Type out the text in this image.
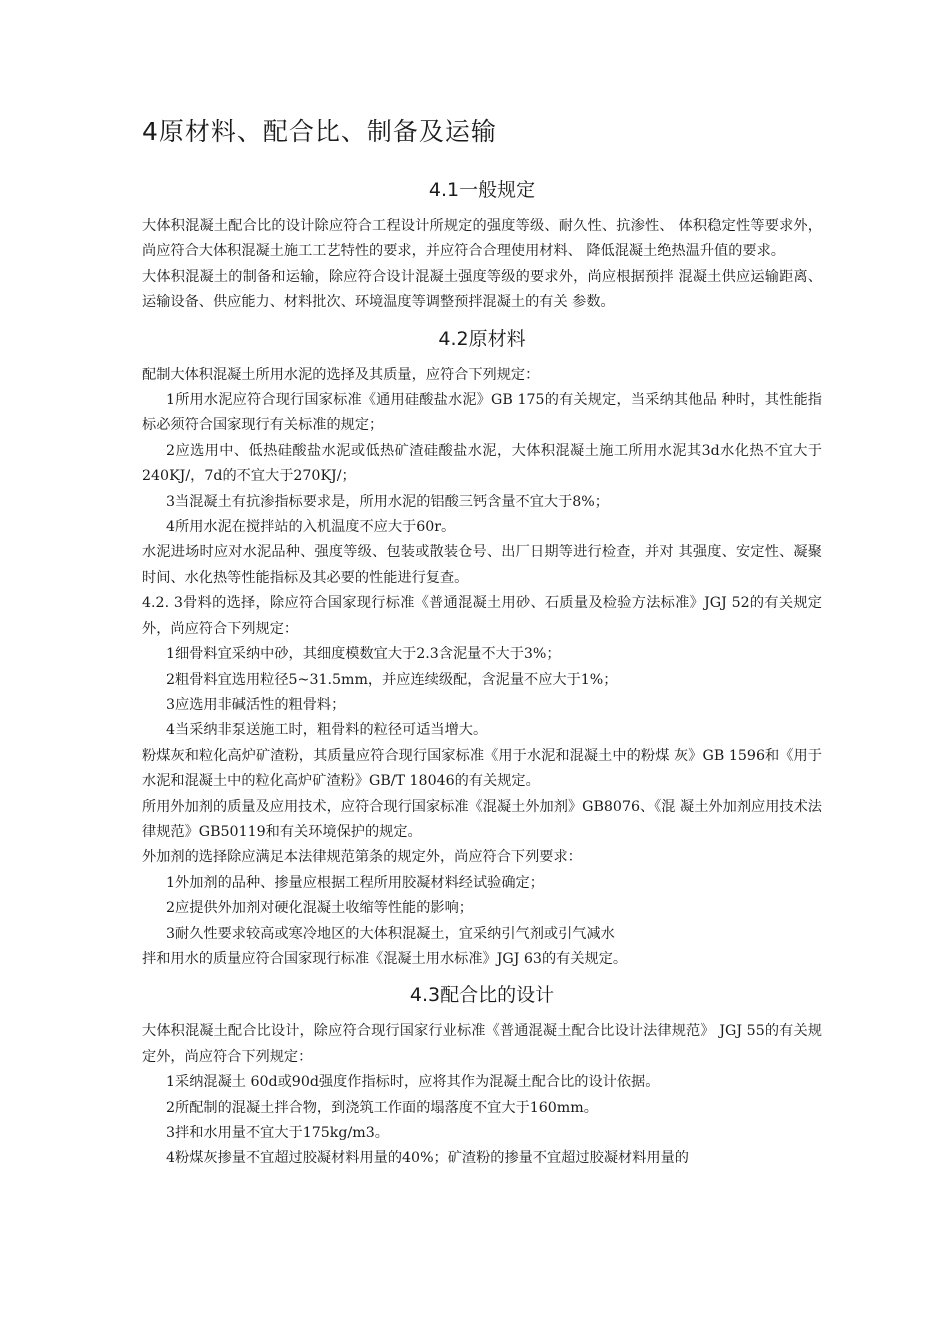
4原材料、配合比、制备及运输
4.1一般规定

大体积混凝土配合比的设计除应符合工程设计所规定的强度等级、耐久性、抗渗性、 体积稳定性等要求外，尚应符合大体积混凝土施工工艺特性的要求，并应符合合理使用材料、 降低混凝土绝热温升值的要求。

大体积混凝土的制备和运输，除应符合设计混凝土强度等级的要求外，尚应根据预拌 混凝土供应运输距离、运输设备、供应能力、材料批次、环境温度等调整预拌混凝土的有关 参数。

4.2原材料

配制大体积混凝土所用水泥的选择及其质量，应符合下列规定：

1所用水泥应符合现行国家标准《通用硅酸盐水泥》GB 175的有关规定，当采纳其他品 种时，其性能指标必须符合国家现行有关标准的规定；

2应选用中、低热硅酸盐水泥或低热矿渣硅酸盐水泥，大体积混凝土施工所用水泥其3d水化热不宜大于240KJ/，7d的不宜大于270KJ/；

3当混凝土有抗渗指标要求是，所用水泥的铝酸三钙含量不宜大于8%；

4所用水泥在搅拌站的入机温度不应大于60r。

水泥进场时应对水泥品种、强度等级、包装或散装仓号、出厂日期等进行检查，并对 其强度、安定性、凝聚时间、水化热等性能指标及其必要的性能进行复查。

4.2. 3骨料的选择，除应符合国家现行标准《普通混凝土用砂、石质量及检验方法标准》JGJ 52的有关规定外，尚应符合下列规定：

1细骨料宜采纳中砂，其细度模数宜大于2.3含泥量不大于3%；

2粗骨料宜选用粒径5~31.5mm，并应连续级配，含泥量不应大于1%；

3应选用非碱活性的粗骨料；

4当采纳非泵送施工时，粗骨料的粒径可适当增大。

粉煤灰和粒化高炉矿渣粉，其质量应符合现行国家标准《用于水泥和混凝土中的粉煤 灰》GB 1596和《用于水泥和混凝土中的粒化高炉矿渣粉》GB/T 18046的有关规定。

所用外加剂的质量及应用技术，应符合现行国家标准《混凝土外加剂》GB8076、《混 凝土外加剂应用技术法律规范》GB50119和有关环境保护的规定。

外加剂的选择除应满足本法律规范第条的规定外，尚应符合下列要求：

1外加剂的品种、掺量应根据工程所用胶凝材料经试验确定；

2应提供外加剂对硬化混凝土收缩等性能的影响；

3耐久性要求较高或寒冷地区的大体积混凝土，宜采纳引气剂或引气减水

拌和用水的质量应符合国家现行标准《混凝土用水标准》JGJ 63的有关规定。

4.3配合比的设计

大体积混凝土配合比设计，除应符合现行国家行业标准《普通混凝土配合比设计法律规范》 JGJ 55的有关规定外，尚应符合下列规定：

1采纳混凝土 60d或90d强度作指标时，应将其作为混凝土配合比的设计依据。

2所配制的混凝土拌合物，到浇筑工作面的塌落度不宜大于160mm。

3拌和水用量不宜大于175kg/m3。

4粉煤灰掺量不宜超过胶凝材料用量的40%；矿渣粉的掺量不宜超过胶凝材料用量的
